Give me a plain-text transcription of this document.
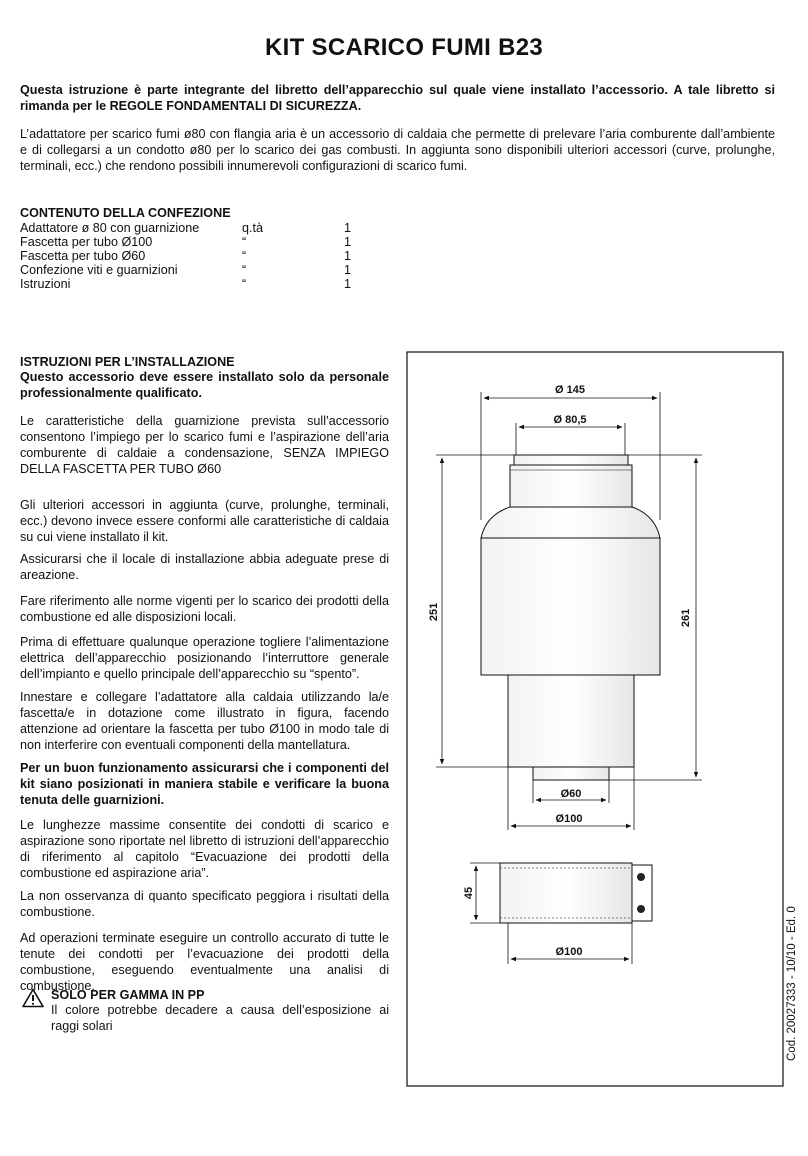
KIT SCARICO FUMI B23
Questa istruzione è parte integrante del libretto dell’apparecchio sul quale viene installato l’accessorio. A tale libretto si rimanda per le REGOLE FONDAMENTALI DI SICUREZZA.
L’adattatore per scarico fumi ø80 con flangia aria è un accessorio di caldaia che permette di prelevare l’aria comburente dall’ambiente e di collegarsi a un condotto ø80 per lo scarico dei gas combusti. In aggiunta sono disponibili ulteriori accessori (curve, prolunghe, terminali, ecc.) che rendono possibili innumerevoli configurazioni di scarico fumi.
CONTENUTO DELLA CONFEZIONE
Adattatore ø 80 con guarnizione	q.tà	1
Fascetta per tubo Ø100	“	1
Fascetta per tubo Ø60	“	1
Confezione viti e guarnizioni	“	1
Istruzioni	“	1
ISTRUZIONI PER L’INSTALLAZIONE
Questo accessorio deve essere installato solo da personale professionalmente qualificato.
Le caratteristiche della guarnizione prevista sull’accessorio consentono l’impiego per lo scarico fumi e l’aspirazione dell’aria comburente di caldaie a condensazione, SENZA IMPIEGO DELLA FASCETTA PER TUBO Ø60
Gli ulteriori accessori in aggiunta (curve, prolunghe, terminali, ecc.) devono invece essere conformi alle caratteristiche di caldaia su cui viene installato il kit.
Assicurarsi che il locale di installazione abbia adeguate prese di areazione.
Fare riferimento alle norme vigenti per lo scarico dei prodotti della combustione ed alle disposizioni locali.
Prima di effettuare qualunque operazione togliere l’alimentazione elettrica dell’apparecchio posizionando l’interruttore generale dell’impianto e quello principale dell’apparecchio su “spento”.
Innestare e collegare l’adattatore alla caldaia utilizzando la/e fascetta/e in dotazione come illustrato in figura, facendo attenzione ad orientare la fascetta per tubo Ø100 in modo tale di non interferire con eventuali componenti della mantellatura.
Per un buon funzionamento assicurarsi che i componenti del kit siano posizionati in maniera stabile e verificare la buona tenuta delle guarnizioni.
Le lunghezze massime consentite dei condotti di scarico e aspirazione sono riportate nel libretto di istruzioni dell’apparecchio di riferimento al capitolo “Evacuazione dei prodotti della combustione ed aspirazione aria”.
La non osservanza di quanto specificato peggiora i risultati della combustione.
Ad operazioni terminate eseguire un controllo accurato di tutte le tenute dei condotti per l’evacuazione dei prodotti della combustione, eseguendo eventualmente una analisi di combustione.
SOLO PER GAMMA IN PP
Il colore potrebbe decadere a causa dell’esposizione ai raggi solari
Ø 145
Ø 80,5
251	261
Ø60
Ø100
45
Ø100	Cod. 20027333 - 10/10 - Ed. 0
